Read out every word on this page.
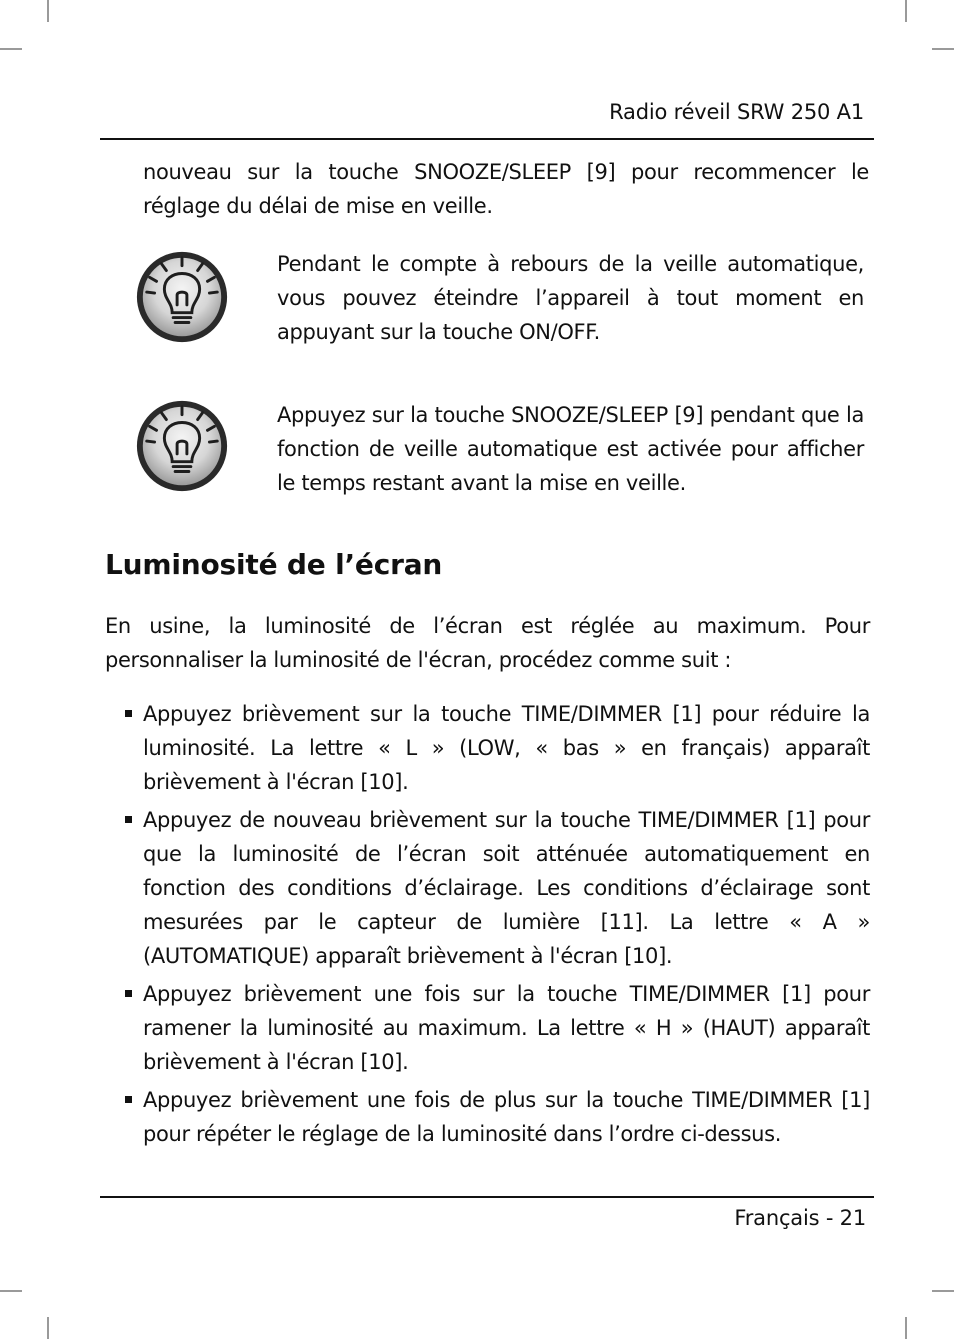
Radio réveil SRW 250 A1
nouveau sur la touche SNOOZE/SLEEP [9] pour recommencer le réglage du délai de mise en veille.
Pendant le compte à rebours de la veille automatique, vous pouvez éteindre l’appareil à tout moment en appuyant sur la touche ON/OFF.
Appuyez sur la touche SNOOZE/SLEEP [9] pendant que la fonction de veille automatique est activée pour afficher le temps restant avant la mise en veille.
Luminosité de l’écran
En usine, la luminosité de l’écran est réglée au maximum. Pour personnaliser la luminosité de l'écran, procédez comme suit :
Appuyez brièvement sur la touche TIME/DIMMER [1] pour réduire la luminosité. La lettre « L » (LOW, « bas » en français) apparaît brièvement à l'écran [10].
Appuyez de nouveau brièvement sur la touche TIME/DIMMER [1] pour que la luminosité de l’écran soit atténuée automatiquement en fonction des conditions d’éclairage. Les conditions d’éclairage sont mesurées par le capteur de lumière [11]. La lettre « A » (AUTOMATIQUE) apparaît brièvement à l'écran [10].
Appuyez brièvement une fois sur la touche TIME/DIMMER [1] pour ramener la luminosité au maximum. La lettre « H » (HAUT) apparaît brièvement à l'écran [10].
Appuyez brièvement une fois de plus sur la touche TIME/DIMMER [1] pour répéter le réglage de la luminosité dans l’ordre ci-dessus.
Français - 21
